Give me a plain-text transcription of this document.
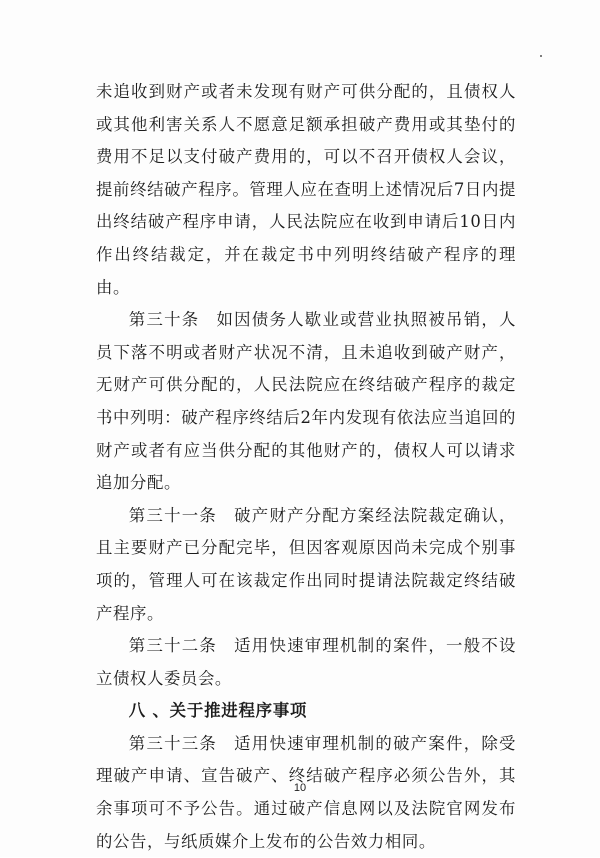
未追收到财产或者未发现有财产可供分配的，且债权人或其他利害关系人不愿意足额承担破产费用或其垫付的费用不足以支付破产费用的，可以不召开债权人会议，提前终结破产程序。管理人应在查明上述情况后7日内提出终结破产程序申请，人民法院应在收到申请后10日内作出终结裁定，并在裁定书中列明终结破产程序的理由。

第三十条 如因债务人歇业或营业执照被吊销，人员下落不明或者财产状况不清，且未追收到破产财产，无财产可供分配的，人民法院应在终结破产程序的裁定书中列明：破产程序终结后2年内发现有依法应当追回的财产或者有应当供分配的其他财产的，债权人可以请求追加分配。

第三十一条 破产财产分配方案经法院裁定确认，且主要财产已分配完毕，但因客观原因尚未完成个别事项的，管理人可在该裁定作出同时提请法院裁定终结破产程序。

第三十二条 适用快速审理机制的案件，一般不设立债权人委员会。

八 、关于推进程序事项

第三十三条 适用快速审理机制的破产案件，除受理破产申请、宣告破产、终结破产程序必须公告外，其余事项可不予公告。通过破产信息网以及法院官网发布的公告，与纸质媒介上发布的公告效力相同。

10
